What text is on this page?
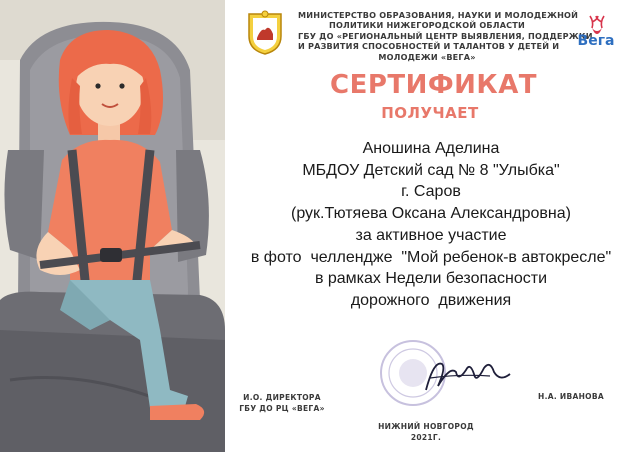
МИНИСТЕРСТВО ОБРАЗОВАНИЯ, НАУКИ И МОЛОДЕЖНОЙ
ПОЛИТИКИ НИЖЕГОРОДСКОЙ ОБЛАСТИ
ГБУ ДО «РЕГИОНАЛЬНЫЙ ЦЕНТР ВЫЯВЛЕНИЯ, ПОДДЕРЖКИ
И РАЗВИТИЯ СПОСОБНОСТЕЙ И ТАЛАНТОВ У ДЕТЕЙ И
МОЛОДЕЖИ «ВЕГА»
Вега
СЕРТИФИКАТ
ПОЛУЧАЕТ
Аношина Аделина
МБДОУ Детский сад № 8 "Улыбка"
г. Саров
(рук.Тютяева Оксана Александровна)
за активное участие
в фото  челлендже  "Мой ребенок-в автокресле"
в рамках Недели безопасности
дорожного  движения
И.О. ДИРЕКТОРА
ГБУ ДО РЦ «ВЕГА»
Н.А. ИВАНОВА
НИЖНИЙ НОВГОРОД
2021Г.
